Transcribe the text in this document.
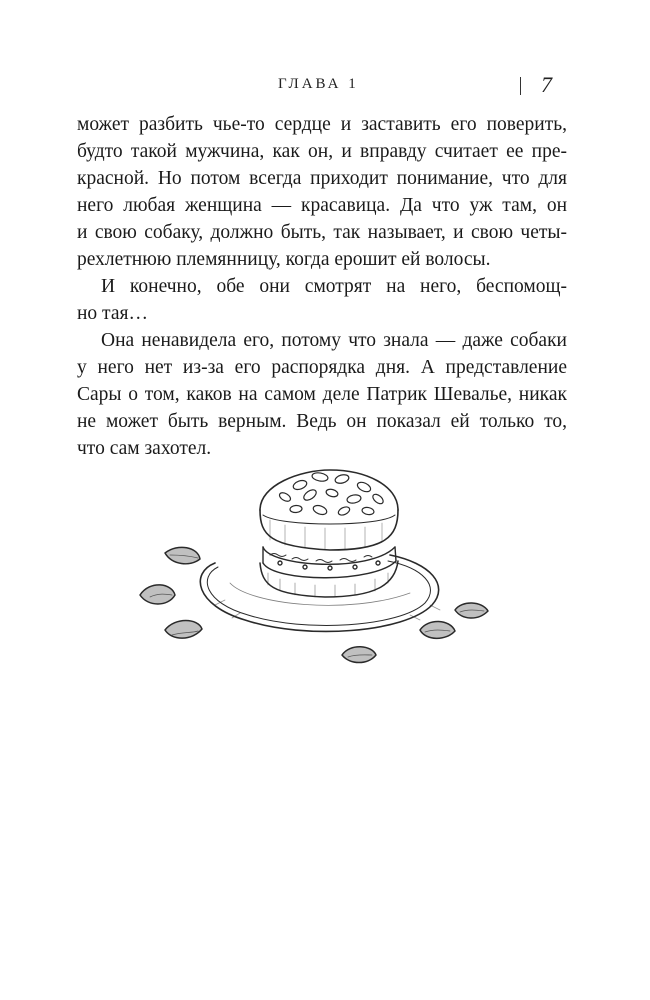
ГЛАВА 1	7

может разбить чье-то сердце и заставить его поверить,
будто такой мужчина, как он, и вправду считает ее пре-
красной. Но потом всегда приходит понимание, что для
него любая женщина — красавица. Да что уж там, он
и свою собаку, должно быть, так называет, и свою четы-
рехлетнюю племянницу, когда ерошит ей волосы.

И конечно, обе они смотрят на него, беспомощ-
но тая…

Она ненавидела его, потому что знала — даже собаки
у него нет из-за его распорядка дня. А представление
Сары о том, каков на самом деле Патрик Шевалье, никак
не может быть верным. Ведь он показал ей только то,
что сам захотел.
